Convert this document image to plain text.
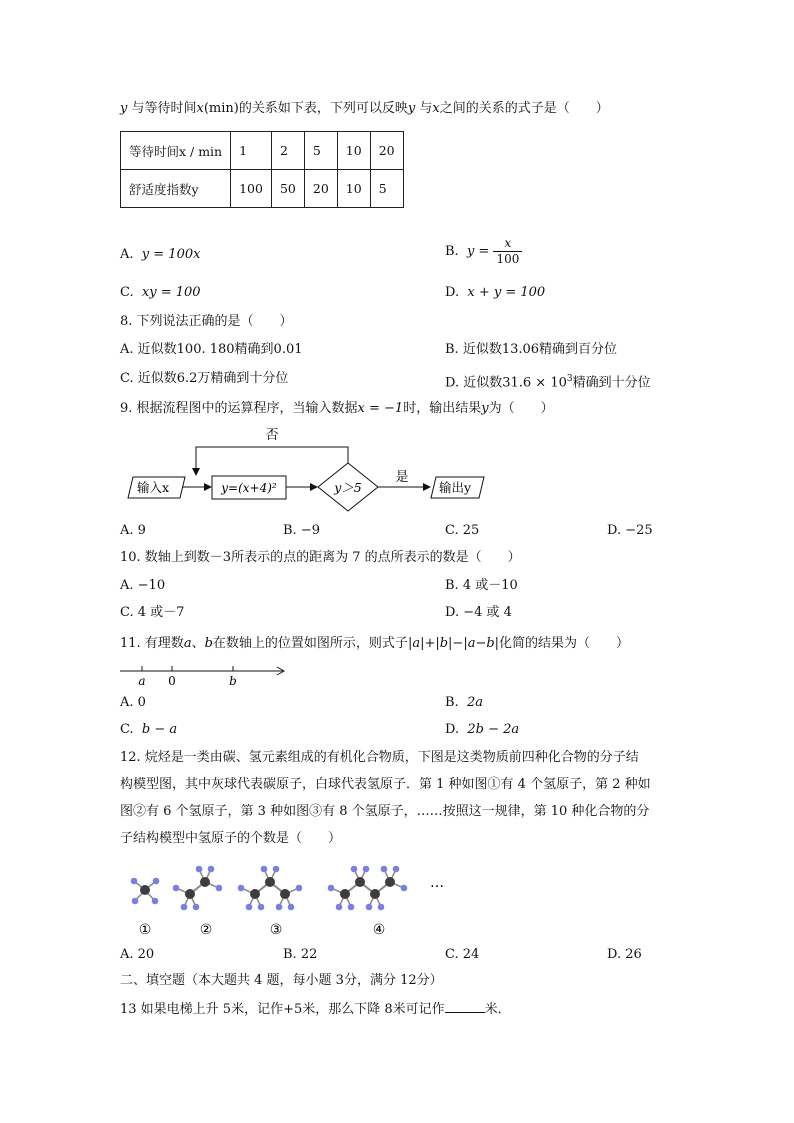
y 与等待时间x(min)的关系如下表，下列可以反映y 与x之间的关系的式子是（　　）
等待时间x / min	1	2	5	10	20
舒适度指数y	100	50	20	10	5
A. y = 100x	B. $y = \frac{x}{100}$
C. xy = 100	D. x + y = 100
8. 下列说法正确的是（　　）
A. 近似数100. 180精确到0.01	B. 近似数13.06精确到百分位
C. 近似数6.2万精确到十分位	D. 近似数$31.6 \times 10^3$精确到十分位
9. 根据流程图中的运算程序，当输入数据x = −1时，输出结果y为（　　）
输入x	y=(x+4)²	y＞5
否
是
输出y
A. 9	B. −9	C. 25	D. −25
10. 数轴上到数－3所表示的点的距离为 7 的点所表示的数是（　　）
A. −10	B. 4 或－10
C. 4 或－7	D. −4 或 4
11. 有理数a、b在数轴上的位置如图所示，则式子|a|+|b|−|a−b|化简的结果为（　　）
a 0	b
A. 0	B. 2a
C. b − a	D. 2b − 2a
12. 烷烃是一类由碳、氢元素组成的有机化合物质，下图是这类物质前四种化合物的分子结
构模型图，其中灰球代表碳原子，白球代表氢原子．第 1 种如图①有 4 个氢原子，第 2 种如
图②有 6 个氢原子，第 3 种如图③有 8 个氢原子，……按照这一规律，第 10 种化合物的分
子结构模型中氢原子的个数是（　　）
①	②	③	④
…
A. 20	B. 22	C. 24	D. 26
二、填空题（本大题共 4 题，每小题 3分，满分 12分）
13 如果电梯上升 5米，记作+5米，那么下降 8米可记作	米．
